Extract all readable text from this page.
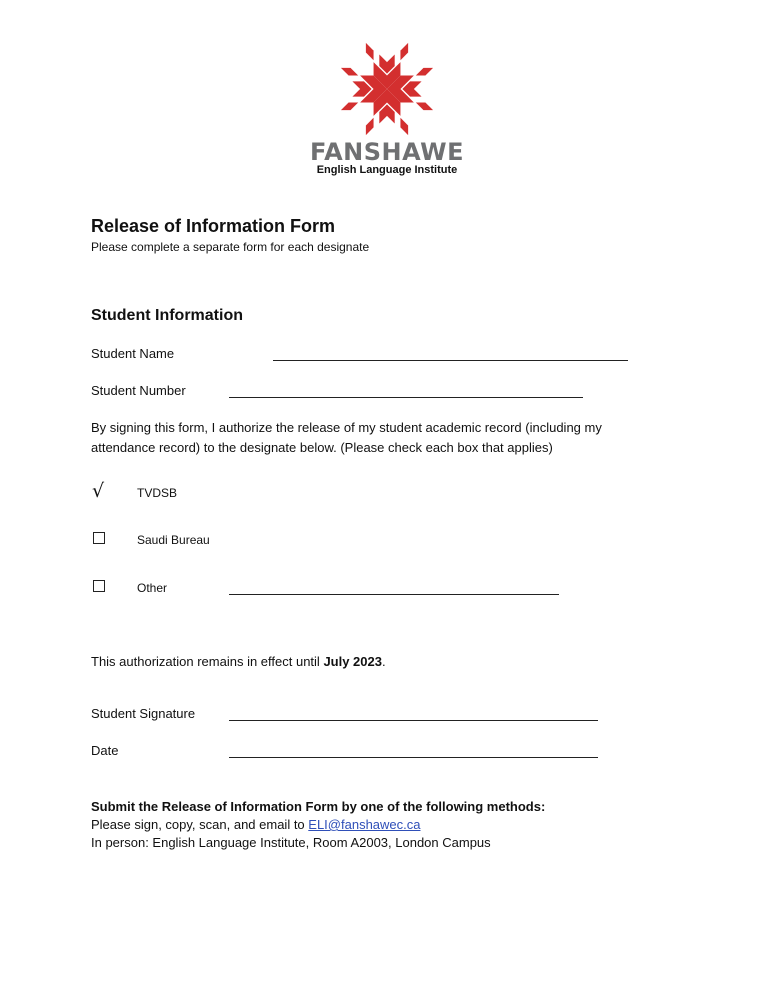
FANSHAWE
English Language Institute
Release of Information Form
Please complete a separate form for each designate
Student Information
Student Name
Student Number
By signing this form, I authorize the release of my student academic record (including my attendance record) to the designate below. (Please check each box that applies)
√	TVDSB
Saudi Bureau
Other
This authorization remains in effect until July 2023.
Student Signature
Date
Submit the Release of Information Form by one of the following methods:
Please sign, copy, scan, and email to ELI@fanshawec.ca
In person: English Language Institute, Room A2003, London Campus
